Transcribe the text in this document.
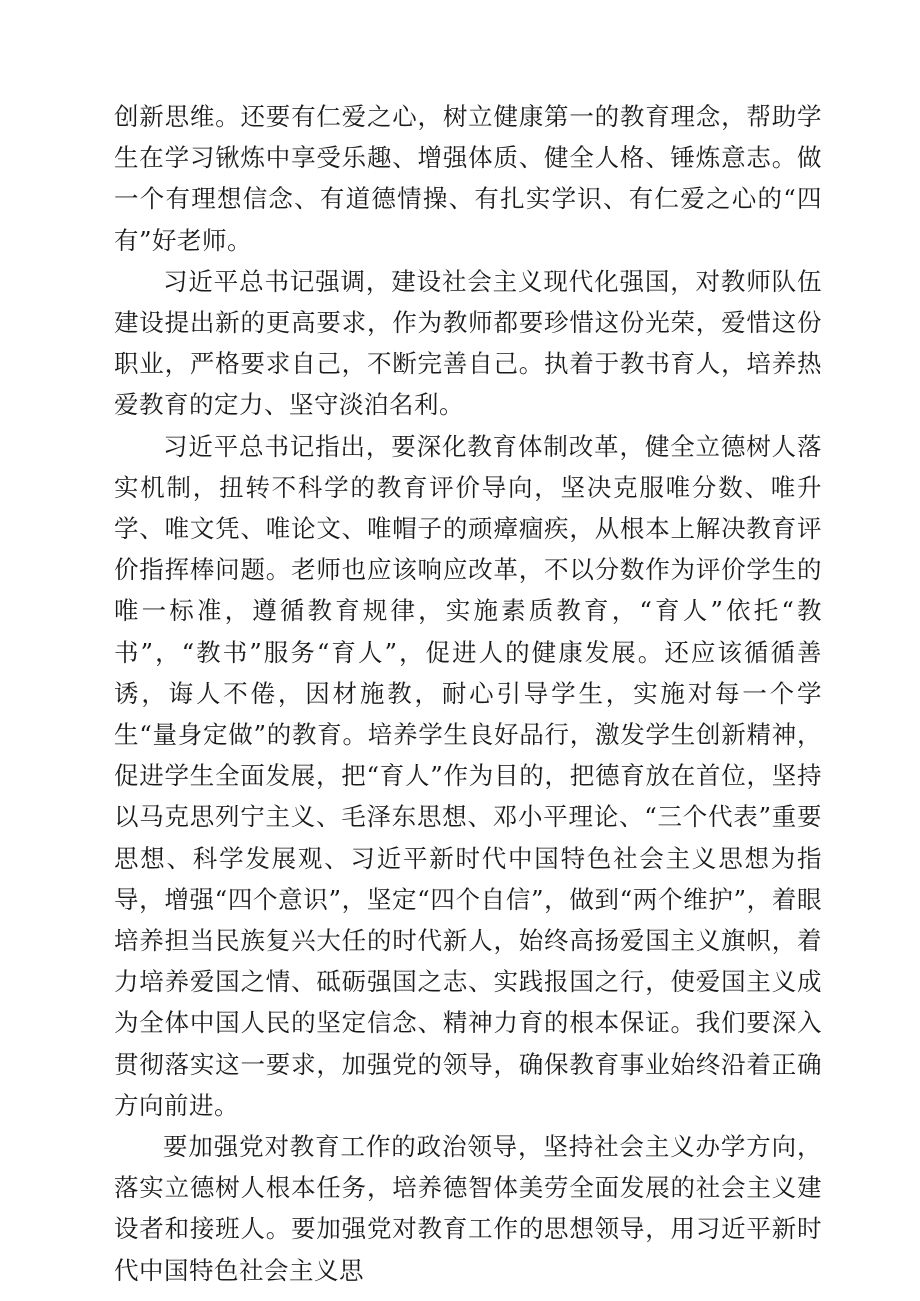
创新思维。还要有仁爱之心，树立健康第一的教育理念，帮助学生在学习锹炼中享受乐趣、增强体质、健全人格、锤炼意志。做一个有理想信念、有道德情操、有扎实学识、有仁爱之心的“四有”好老师。

习近平总书记强调，建设社会主义现代化强国，对教师队伍建设提出新的更高要求，作为教师都要珍惜这份光荣，爱惜这份职业，严格要求自己，不断完善自己。执着于教书育人，培养热爱教育的定力、坚守淡泊名利。

习近平总书记指出，要深化教育体制改革，健全立德树人落实机制，扭转不科学的教育评价导向，坚决克服唯分数、唯升学、唯文凭、唯论文、唯帽子的顽瘴痼疾，从根本上解决教育评价指挥棒问题。老师也应该响应改革，不以分数作为评价学生的唯一标准，遵循教育规律，实施素质教育，“育人”依托“教书”，“教书”服务“育人”，促进人的健康发展。还应该循循善诱，诲人不倦，因材施教，耐心引导学生，实施对每一个学生“量身定做”的教育。培养学生良好品行，激发学生创新精神，促进学生全面发展，把“育人”作为目的，把德育放在首位，坚持以马克思列宁主义、毛泽东思想、邓小平理论、“三个代表”重要思想、科学发展观、习近平新时代中国特色社会主义思想为指导，增强“四个意识”，坚定“四个自信”，做到“两个维护”，着眼培养担当民族复兴大任的时代新人，始终高扬爱国主义旗帜，着力培养爱国之情、砥砺强国之志、实践报国之行，使爱国主义成为全体中国人民的坚定信念、精神力育的根本保证。我们要深入贯彻落实这一要求，加强党的领导，确保教育事业始终沿着正确方向前进。

要加强党对教育工作的政治领导，坚持社会主义办学方向，落实立德树人根本任务，培养德智体美劳全面发展的社会主义建设者和接班人。要加强党对教育工作的思想领导，用习近平新时代中国特色社会主义思
